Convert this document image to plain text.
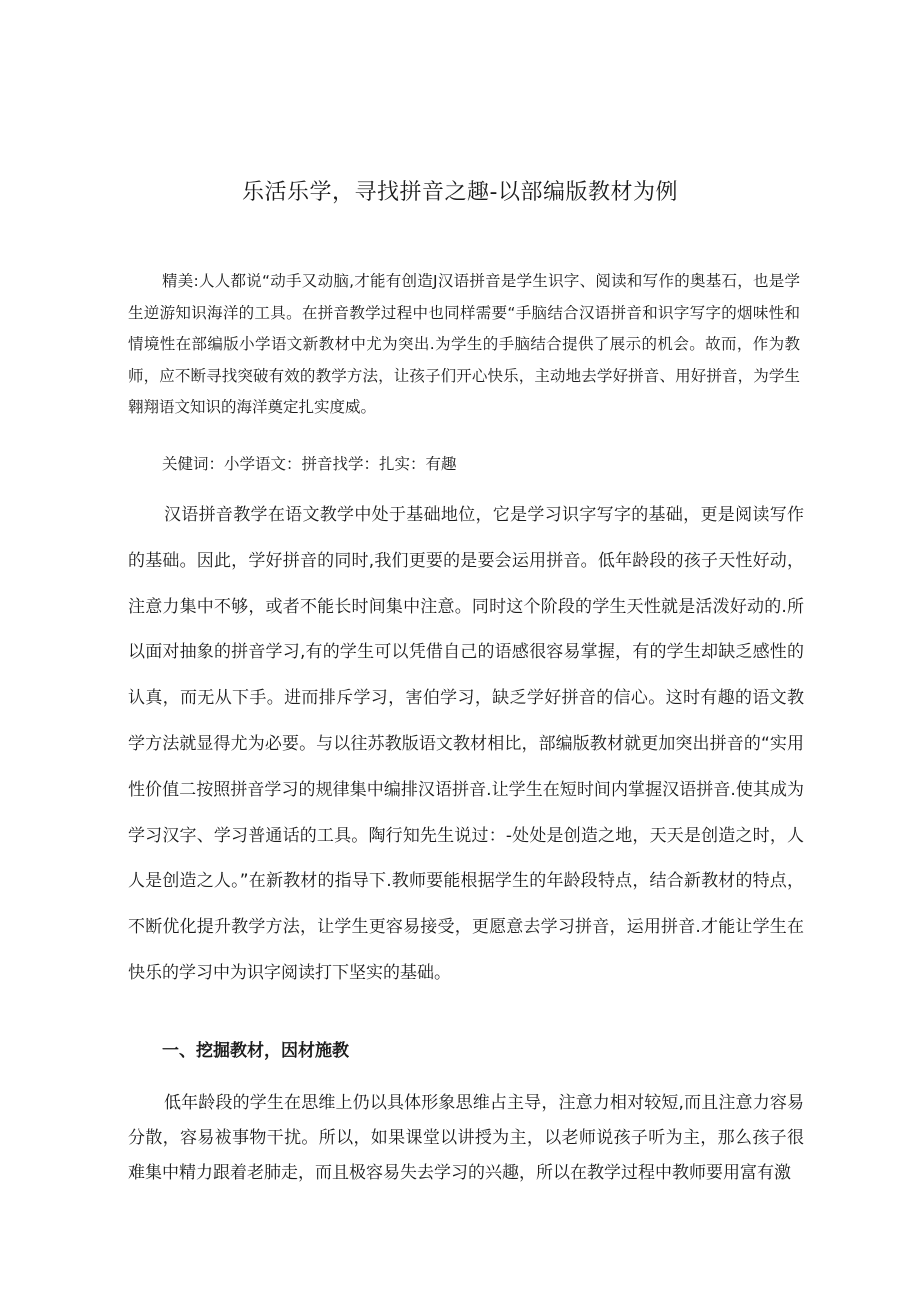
乐活乐学，寻找拼音之趣-以部编版教材为例

精美:人人都说“动手又动脑,才能有创造J汉语拼音是学生识字、阅读和写作的奥基石，也是学生逆游知识海洋的工具。在拼音教学过程中也同样需要“手脑结合汉语拼音和识字写字的烟味性和情境性在部编版小学语文新教材中尤为突出.为学生的手脑结合提供了展示的机会。故而，作为教师，应不断寻找突破有效的教学方法，让孩子们开心快乐，主动地去学好拼音、用好拼音，为学生翱翔语文知识的海洋奠定扎实度威。

关健词：小学语文：拼音找学：扎实：有趣

汉语拼音教学在语文教学中处于基础地位，它是学习识字写字的基础，更是阅读写作的基础。因此，学好拼音的同时,我们更要的是要会运用拼音。低年龄段的孩子天性好动，注意力集中不够，或者不能长时间集中注意。同时这个阶段的学生天性就是活泼好动的.所以面对抽象的拼音学习,有的学生可以凭借自己的语感很容易掌握，有的学生却缺乏感性的认真，而无从下手。进而排斥学习，害伯学习，缺乏学好拼音的信心。这时有趣的语文教学方法就显得尤为必要。与以往苏教版语文教材相比，部编版教材就更加突出拼音的“实用性价值二按照拼音学习的规律集中编排汉语拼音.让学生在短时间内掌握汉语拼音.使其成为学习汉字、学习普通话的工具。陶行知先生说过：-处处是创造之地，天天是创造之时，人人是创造之人。”在新教材的指导下.教师要能根据学生的年龄段特点，结合新教材的特点，不断优化提升教学方法，让学生更容易接受，更愿意去学习拼音，运用拼音.才能让学生在快乐的学习中为识字阅读打下坚实的基础。

一、挖掘教材，因材施教

低年龄段的学生在思维上仍以具体形象思维占主导，注意力相对较短,而且注意力容易分散，容易袚事物干扰。所以，如果课堂以讲授为主，以老师说孩子听为主，那么孩子很难集中精力跟着老肺走，而且极容易失去学习的兴趣，所以在教学过程中教师要用富有激
